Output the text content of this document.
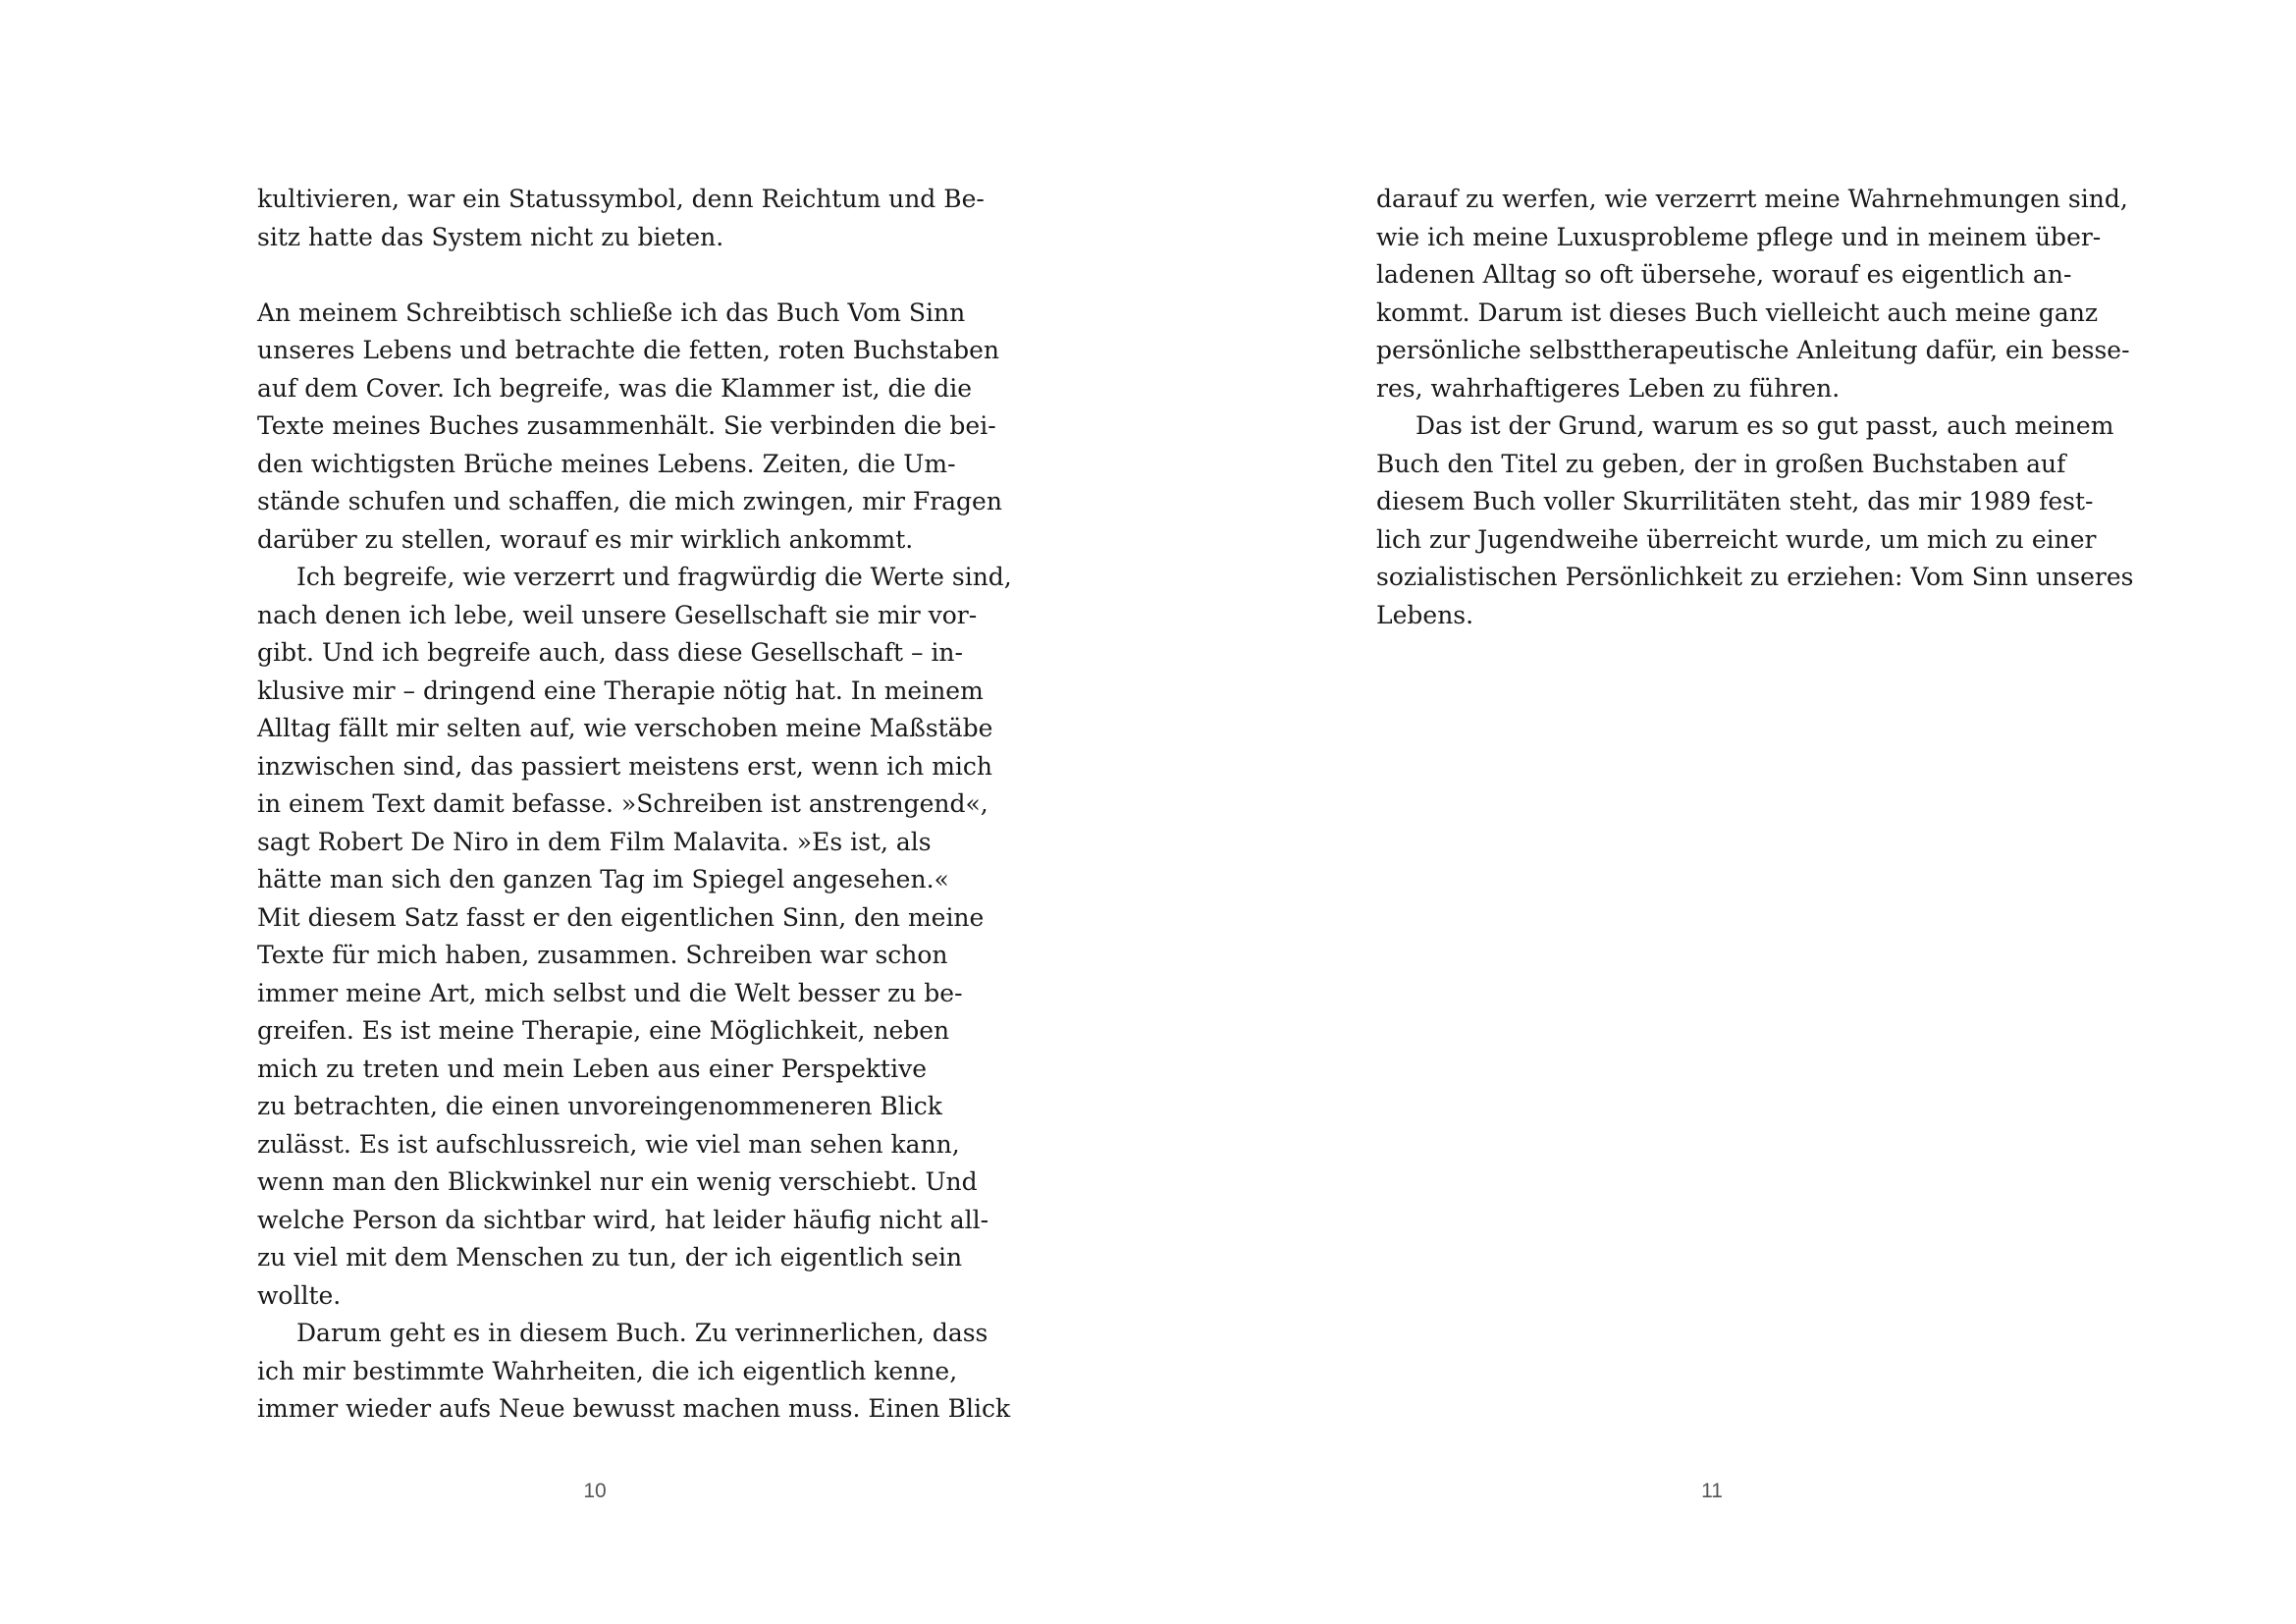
kultivieren, war ein Statussymbol, denn Reichtum und Be-
sitz hatte das System nicht zu bieten.
An meinem Schreibtisch schließe ich das Buch Vom Sinn
unseres Lebens und betrachte die fetten, roten Buchstaben
auf dem Cover. Ich begreife, was die Klammer ist, die die
Texte meines Buches zusammenhält. Sie verbinden die bei-
den wichtigsten Brüche meines Lebens. Zeiten, die Um-
stände schufen und schaffen, die mich zwingen, mir Fragen
darüber zu stellen, worauf es mir wirklich ankommt.
Ich begreife, wie verzerrt und fragwürdig die Werte sind,
nach denen ich lebe, weil unsere Gesellschaft sie mir vor-
gibt. Und ich begreife auch, dass diese Gesellschaft – in-
klusive mir – dringend eine Therapie nötig hat. In meinem
Alltag fällt mir selten auf, wie verschoben meine Maßstäbe
inzwischen sind, das passiert meistens erst, wenn ich mich
in einem Text damit befasse. »Schreiben ist anstrengend«,
sagt Robert De Niro in dem Film Malavita. »Es ist, als
hätte man sich den ganzen Tag im Spiegel angesehen.«
Mit diesem Satz fasst er den eigentlichen Sinn, den meine
Texte für mich haben, zusammen. Schreiben war schon
immer meine Art, mich selbst und die Welt besser zu be-
greifen. Es ist meine Therapie, eine Möglichkeit, neben
mich zu treten und mein Leben aus einer Perspektive
zu betrachten, die einen unvoreingenommeneren Blick
zulässt. Es ist aufschlussreich, wie viel man sehen kann,
wenn man den Blickwinkel nur ein wenig verschiebt. Und
welche Person da sichtbar wird, hat leider häufig nicht all-
zu viel mit dem Menschen zu tun, der ich eigentlich sein
wollte.
Darum geht es in diesem Buch. Zu verinnerlichen, dass
ich mir bestimmte Wahrheiten, die ich eigentlich kenne,
immer wieder aufs Neue bewusst machen muss. Einen Blick
10
darauf zu werfen, wie verzerrt meine Wahrnehmungen sind,
wie ich meine Luxusprobleme pflege und in meinem über-
ladenen Alltag so oft übersehe, worauf es eigentlich an-
kommt. Darum ist dieses Buch vielleicht auch meine ganz
persönliche selbsttherapeutische Anleitung dafür, ein besse-
res, wahrhaftigeres Leben zu führen.
Das ist der Grund, warum es so gut passt, auch meinem
Buch den Titel zu geben, der in großen Buchstaben auf
diesem Buch voller Skurrilitäten steht, das mir 1989 fest-
lich zur Jugendweihe überreicht wurde, um mich zu einer
sozialistischen Persönlichkeit zu erziehen: Vom Sinn unseres
Lebens.
11
